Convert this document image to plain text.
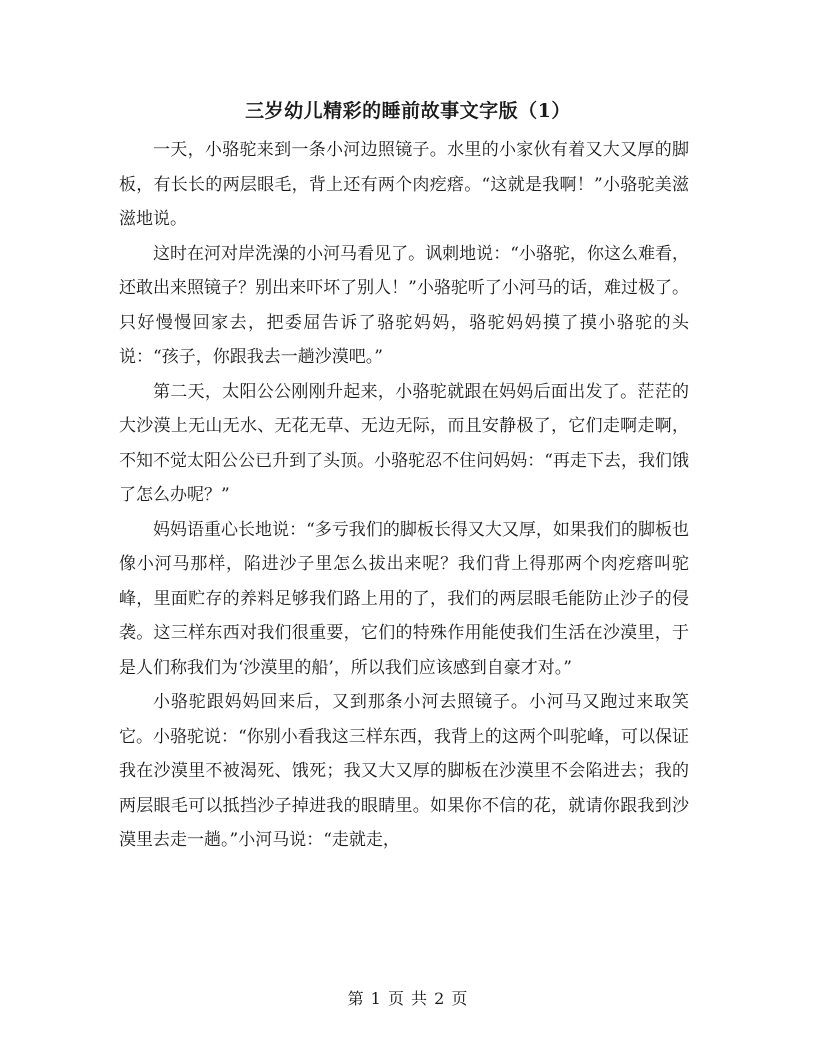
三岁幼儿精彩的睡前故事文字版（1）

一天，小骆驼来到一条小河边照镜子。水里的小家伙有着又大又厚的脚板，有长长的两层眼毛，背上还有两个肉疙瘩。“这就是我啊！”小骆驼美滋滋地说。

这时在河对岸洗澡的小河马看见了。讽刺地说：“小骆驼，你这么难看，还敢出来照镜子？别出来吓坏了别人！”小骆驼听了小河马的话，难过极了。只好慢慢回家去，把委屈告诉了骆驼妈妈，骆驼妈妈摸了摸小骆驼的头说：“孩子，你跟我去一趟沙漠吧。”

第二天，太阳公公刚刚升起来，小骆驼就跟在妈妈后面出发了。茫茫的大沙漠上无山无水、无花无草、无边无际，而且安静极了，它们走啊走啊，不知不觉太阳公公已升到了头顶。小骆驼忍不住问妈妈：“再走下去，我们饿了怎么办呢？”

妈妈语重心长地说：“多亏我们的脚板长得又大又厚，如果我们的脚板也像小河马那样，陷进沙子里怎么拔出来呢？我们背上得那两个肉疙瘩叫驼峰，里面贮存的养料足够我们路上用的了，我们的两层眼毛能防止沙子的侵袭。这三样东西对我们很重要，它们的特殊作用能使我们生活在沙漠里，于是人们称我们为‘沙漠里的船’，所以我们应该感到自豪才对。”

小骆驼跟妈妈回来后，又到那条小河去照镜子。小河马又跑过来取笑它。小骆驼说：“你别小看我这三样东西，我背上的这两个叫驼峰，可以保证我在沙漠里不被渴死、饿死；我又大又厚的脚板在沙漠里不会陷进去；我的两层眼毛可以抵挡沙子掉进我的眼睛里。如果你不信的花，就请你跟我到沙漠里去走一趟。”小河马说：“走就走，

第 1 页 共 2 页
